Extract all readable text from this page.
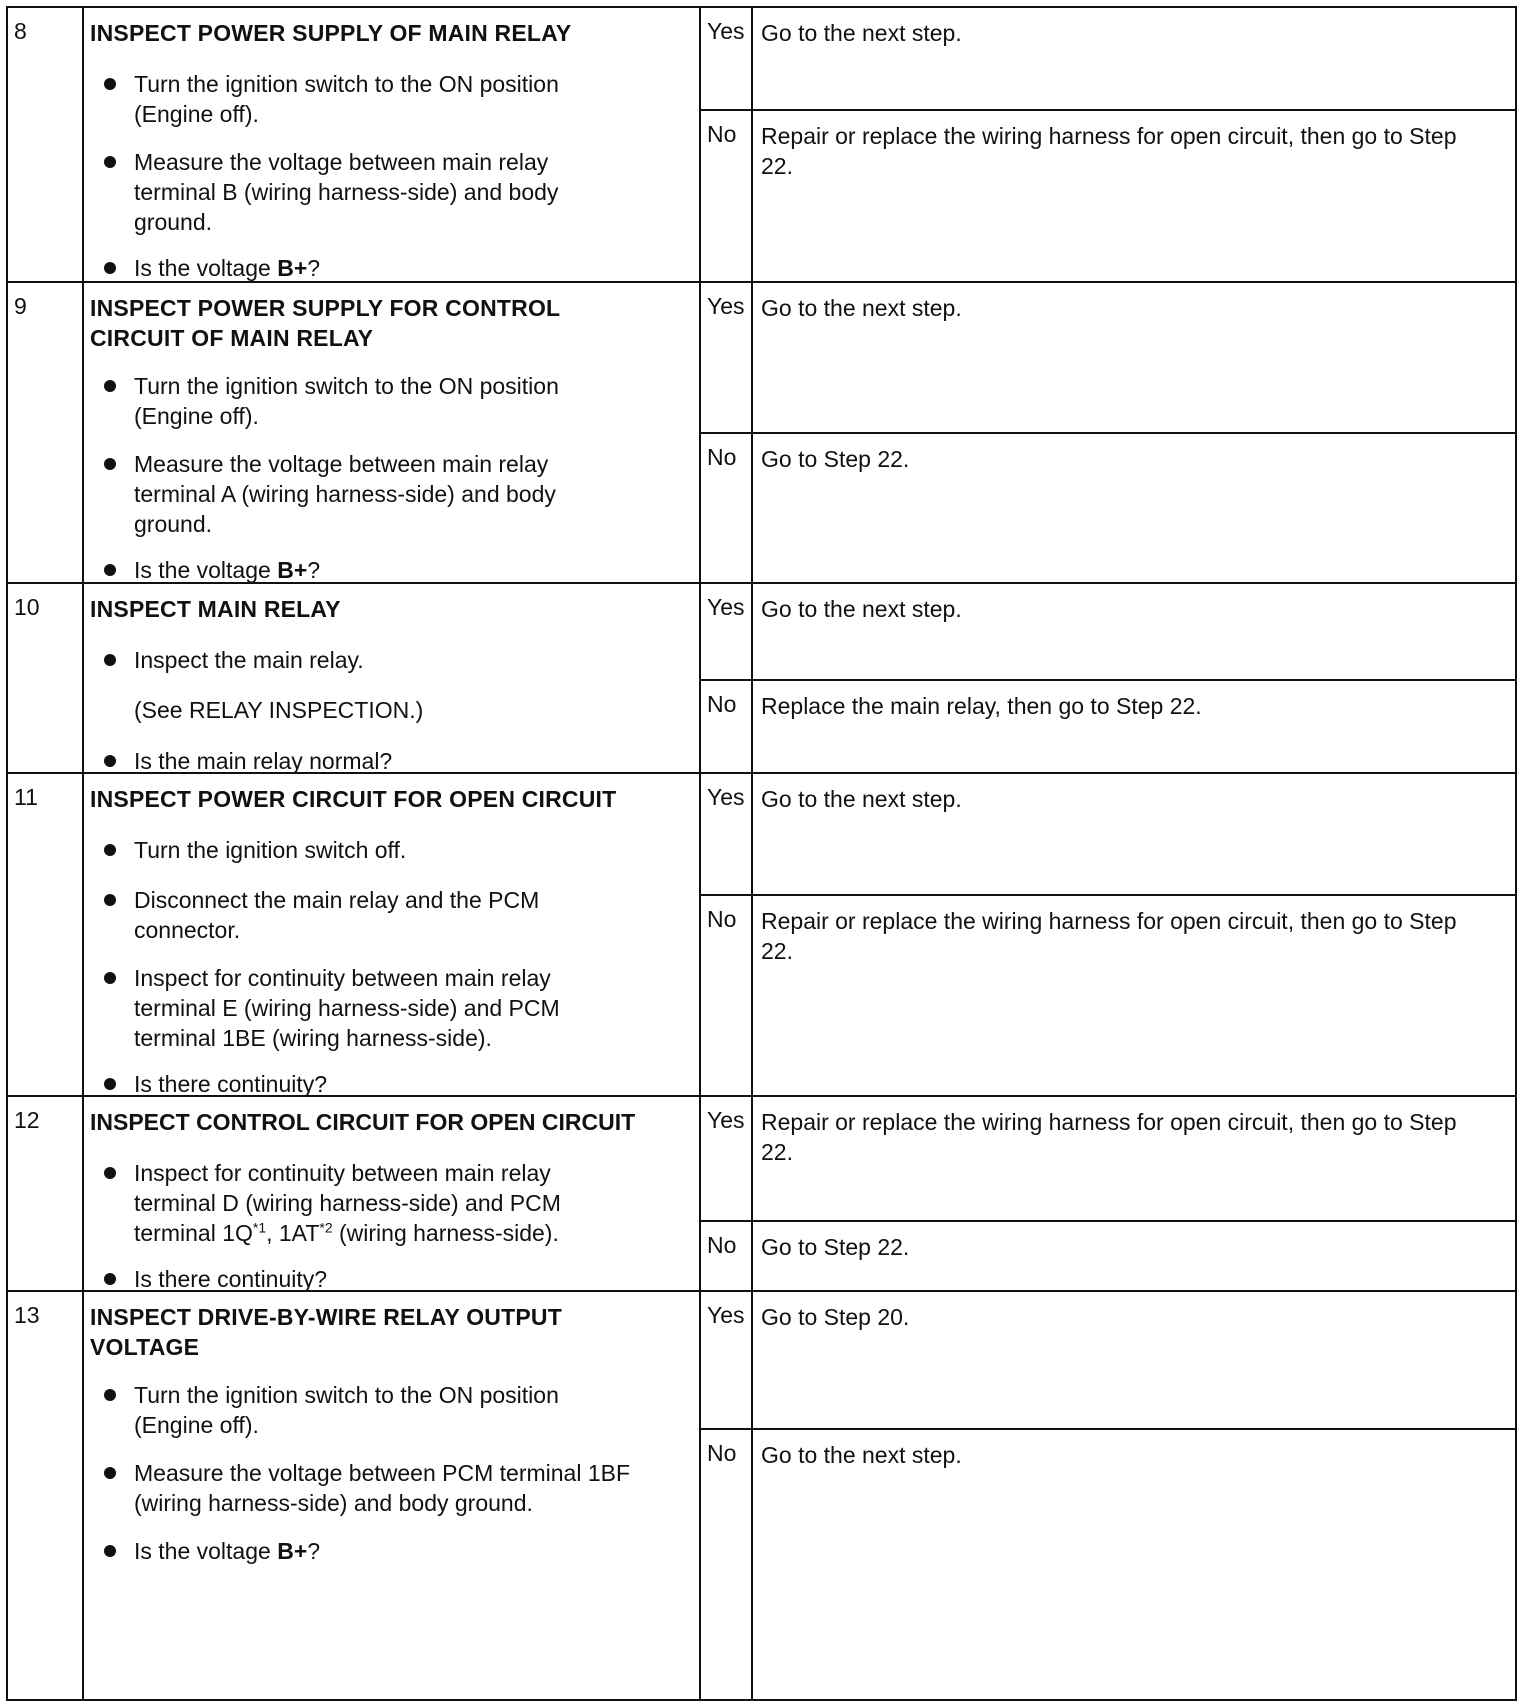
8	INSPECT POWER SUPPLY OF MAIN RELAY
Turn the ignition switch to the ON position (Engine off).
Measure the voltage between main relay terminal B (wiring harness-side) and body ground.
Is the voltage B+?
Yes Go to the next step.
No Repair or replace the wiring harness for open circuit, then go to Step 22.
9	INSPECT POWER SUPPLY FOR CONTROL CIRCUIT OF MAIN RELAY
Turn the ignition switch to the ON position (Engine off).
Measure the voltage between main relay terminal A (wiring harness-side) and body ground.
Is the voltage B+?
Yes Go to the next step.
No Go to Step 22.
10 INSPECT MAIN RELAY
Inspect the main relay.
(See RELAY INSPECTION.)
Is the main relay normal?
Yes Go to the next step.
No Replace the main relay, then go to Step 22.
11 INSPECT POWER CIRCUIT FOR OPEN CIRCUIT
Turn the ignition switch off.
Disconnect the main relay and the PCM connector.
Inspect for continuity between main relay terminal E (wiring harness-side) and PCM terminal 1BE (wiring harness-side).
Is there continuity?
Yes Go to the next step.
No Repair or replace the wiring harness for open circuit, then go to Step 22.
12 INSPECT CONTROL CIRCUIT FOR OPEN CIRCUIT
Inspect for continuity between main relay terminal D (wiring harness-side) and PCM terminal $1Q^{*1}$, 1AT$^{*2}$ (wiring harness-side).
Is there continuity?
Yes Repair or replace the wiring harness for open circuit, then go to Step 22.
No Go to Step 22.
13 INSPECT DRIVE-BY-WIRE RELAY OUTPUT VOLTAGE
Turn the ignition switch to the ON position (Engine off).
Measure the voltage between PCM terminal 1BF (wiring harness-side) and body ground.
Is the voltage B+?
Yes Go to Step 20.
No Go to the next step.
